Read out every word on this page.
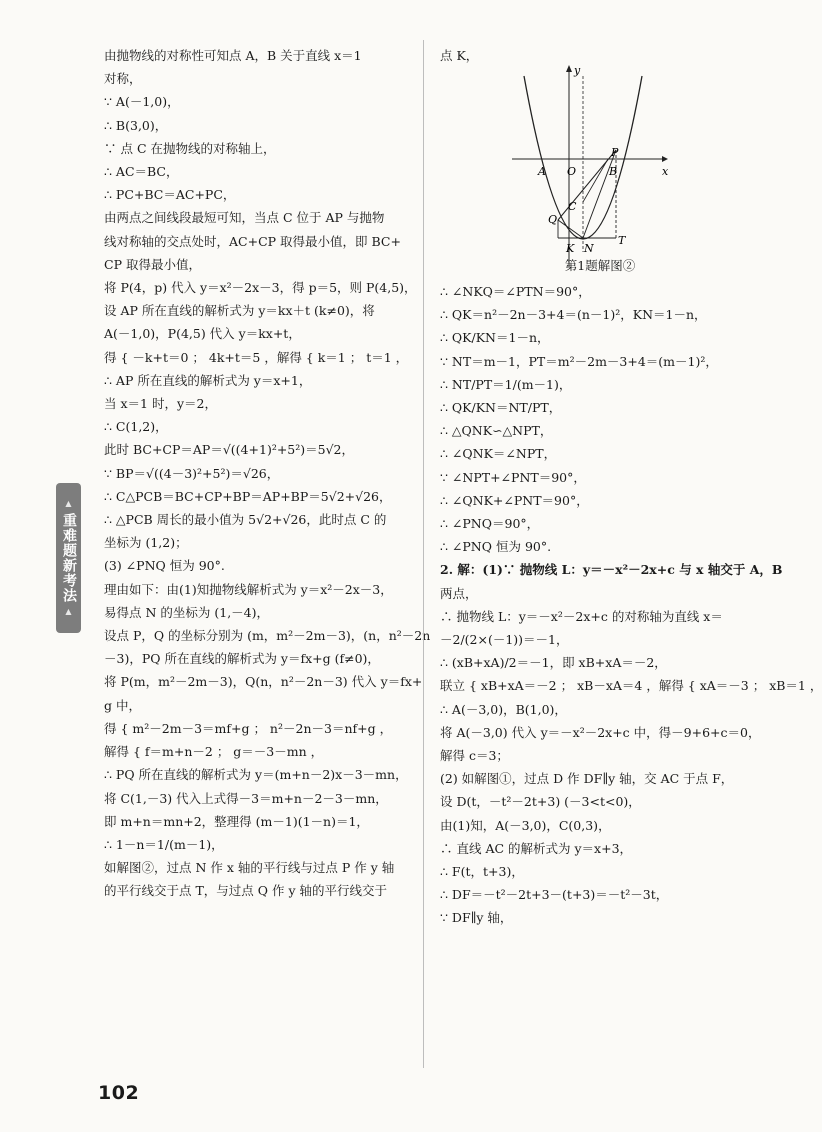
由抛物线的对称性可知点 A，B 关于直线 x＝1
对称，
∵ A(－1,0)，
∴ B(3,0)，
∵ 点 C 在抛物线的对称轴上，
∴ AC＝BC，
∴ PC+BC＝AC+PC，
由两点之间线段最短可知，当点 C 位于 AP 与抛物
线对称轴的交点处时，AC+CP 取得最小值，即 BC+
CP 取得最小值，
将 P(4，p) 代入 y＝x²－2x－3，得 p＝5，则 P(4,5)，
设 AP 所在直线的解析式为 y＝kx＋t (k≠0)，将
A(－1,0)，P(4,5) 代入 y＝kx+t，
得 { －k+t＝0 ； 4k+t＝5 ，解得 { k＝1 ； t＝1 ，
∴ AP 所在直线的解析式为 y＝x+1，
当 x＝1 时，y＝2，
∴ C(1,2)，
此时 BC+CP＝AP＝√((4+1)²+5²)＝5√2，
∵ BP＝√((4－3)²+5²)＝√26，
∴ C△PCB＝BC+CP+BP＝AP+BP＝5√2+√26，
∴ △PCB 周长的最小值为 5√2+√26，此时点 C 的
坐标为 (1,2)；
(3) ∠PNQ 恒为 90°.
理由如下：由(1)知抛物线解析式为 y＝x²－2x－3，
易得点 N 的坐标为 (1,－4)，
设点 P，Q 的坐标分别为 (m，m²－2m－3)，(n，n²－2n
－3)，PQ 所在直线的解析式为 y＝fx+g (f≠0)，
将 P(m，m²－2m－3)，Q(n，n²－2n－3) 代入 y＝fx+
g 中，
得 { m²－2m－3＝mf+g ； n²－2n－3＝nf+g ，
解得 { f＝m+n－2 ； g＝－3－mn ，
∴ PQ 所在直线的解析式为 y＝(m+n－2)x－3－mn，
将 C(1,－3) 代入上式得－3＝m+n－2－3－mn，
即 m+n＝mn+2，整理得 (m－1)(1－n)＝1，
∴ 1－n＝1/(m－1)，
如解图②，过点 N 作 x 轴的平行线与过点 P 作 y 轴
的平行线交于点 T，与过点 Q 作 y 轴的平行线交于
点 K，
y
x
A O	B
P
C
Q
K N
T
第1题解图②
∴ ∠NKQ＝∠PTN＝90°，
∴ QK＝n²－2n－3+4＝(n－1)²，KN＝1－n，
∴ QK/KN＝1－n，
∵ NT＝m－1，PT＝m²－2m－3+4＝(m－1)²，
∴ NT/PT＝1/(m－1)，
∴ QK/KN＝NT/PT，
∴ △QNK∽△NPT，
∴ ∠QNK＝∠NPT，
∵ ∠NPT+∠PNT＝90°，
∴ ∠QNK+∠PNT＝90°，
∴ ∠PNQ＝90°，
∴ ∠PNQ 恒为 90°.
2. 解：(1)∵ 抛物线 L：y＝－x²－2x+c 与 x 轴交于 A，B
两点，
∴ 抛物线 L：y＝－x²－2x+c 的对称轴为直线 x＝
－2/(2×(－1))＝－1，
∴ (xB+xA)/2＝－1，即 xB+xA＝－2，
联立 { xB+xA＝－2 ； xB－xA＝4 ，解得 { xA＝－3 ； xB＝1 ，
∴ A(－3,0)，B(1,0)，
将 A(－3,0) 代入 y＝－x²－2x+c 中，得－9+6+c＝0，
解得 c＝3；
(2) 如解图①，过点 D 作 DF∥y 轴，交 AC 于点 F，
设 D(t，－t²－2t+3) (－3<t<0)，
由(1)知，A(－3,0)，C(0,3)，
∴ 直线 AC 的解析式为 y＝x+3，
∴ F(t，t+3)，
∴ DF＝－t²－2t+3－(t+3)＝－t²－3t，
∵ DF∥y 轴，
▲
重难题新考法
▲
102
